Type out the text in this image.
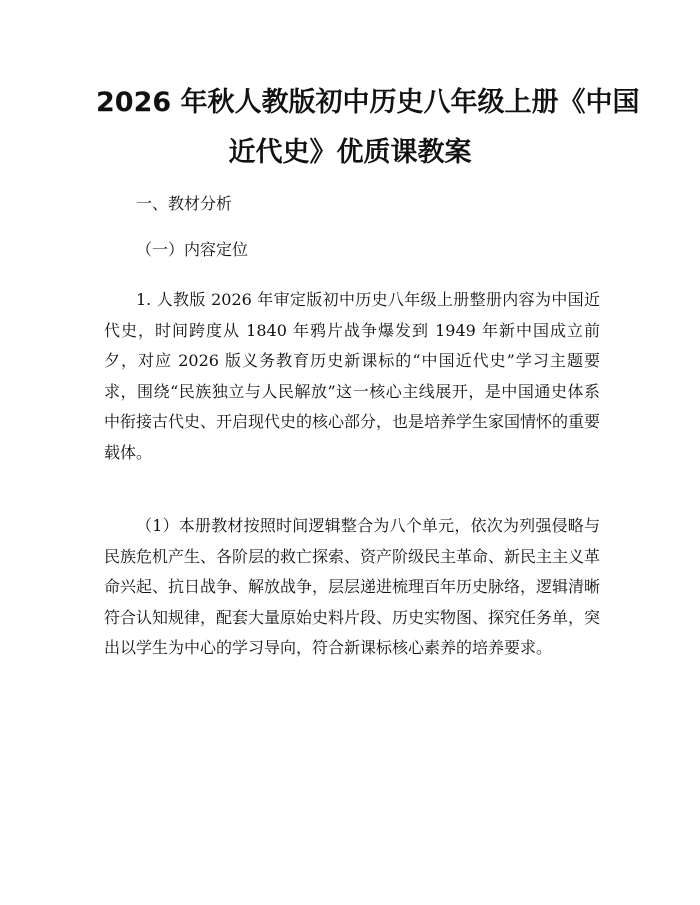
2026 年秋人教版初中历史八年级上册《中国
近代史》优质课教案

一、教材分析

（一）内容定位

1. 人教版 2026 年审定版初中历史八年级上册整册内容为中国近代史，时间跨度从 1840 年鸦片战争爆发到 1949 年新中国成立前夕，对应 2026 版义务教育历史新课标的“中国近代史”学习主题要求，围绕“民族独立与人民解放”这一核心主线展开，是中国通史体系中衔接古代史、开启现代史的核心部分，也是培养学生家国情怀的重要载体。

（1）本册教材按照时间逻辑整合为八个单元，依次为列强侵略与民族危机产生、各阶层的救亡探索、资产阶级民主革命、新民主主义革命兴起、抗日战争、解放战争，层层递进梳理百年历史脉络，逻辑清晰符合认知规律，配套大量原始史料片段、历史实物图、探究任务单，突出以学生为中心的学习导向，符合新课标核心素养的培养要求。
